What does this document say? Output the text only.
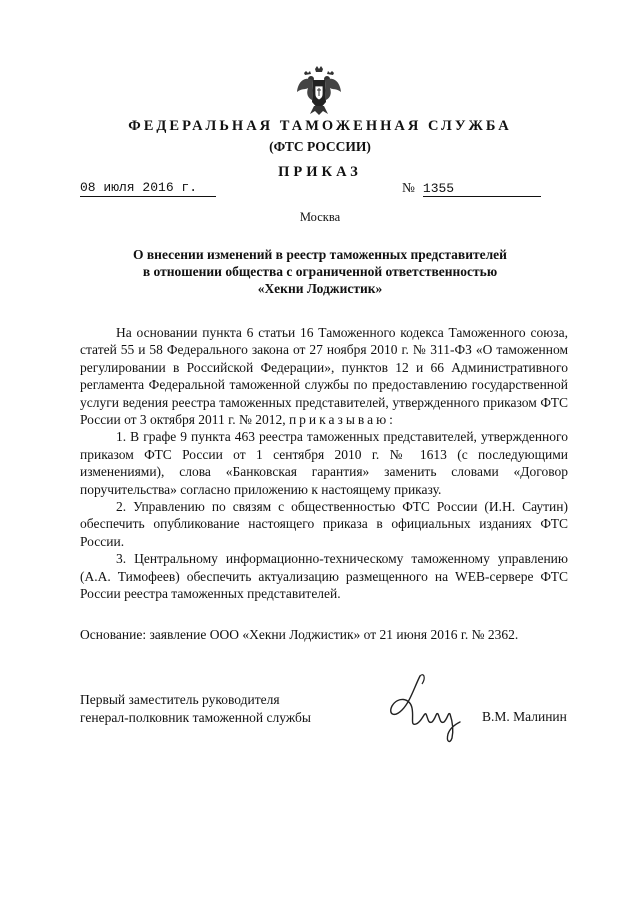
ФЕДЕРАЛЬНАЯ ТАМОЖЕННАЯ СЛУЖБА
(ФТС РОССИИ)
ПРИКАЗ
08 июля 2016 г.	№ 1355
Москва
О внесении изменений в реестр таможенных представителей
в отношении общества с ограниченной ответственностью
«Хекни Лоджистик»

На основании пункта 6 статьи 16 Таможенного кодекса Таможенного союза, статей 55 и 58 Федерального закона от 27 ноября 2010 г. № 311-ФЗ «О таможенном регулировании в Российской Федерации», пунктов 12 и 66 Административного регламента Федеральной таможенной службы по предоставлению государственной услуги ведения реестра таможенных представителей, утвержденного приказом ФТС России от 3 октября 2011 г. № 2012, приказываю:

1. В графе 9 пункта 463 реестра таможенных представителей, утвержденного приказом ФТС России от 1 сентября 2010 г. № 1613 (с последующими изменениями), слова «Банковская гарантия» заменить словами «Договор поручительства» согласно приложению к настоящему приказу.

2. Управлению по связям с общественностью ФТС России (И.Н. Саутин) обеспечить опубликование настоящего приказа в официальных изданиях ФТС России.

3. Центральному информационно-техническому таможенному управлению (А.А. Тимофеев) обеспечить актуализацию размещенного на WEB-сервере ФТС России реестра таможенных представителей.

Основание: заявление ООО «Хекни Лоджистик» от 21 июня 2016 г. № 2362.
Первый заместитель руководителя
генерал-полковник таможенной службы	В.М. Малинин
